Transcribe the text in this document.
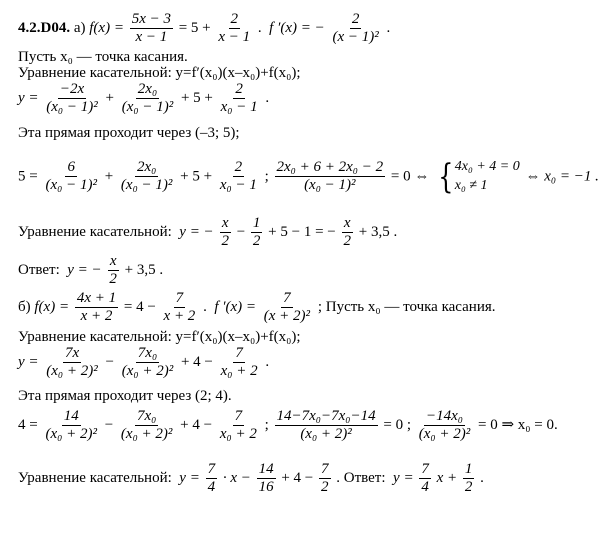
4.2.D04. а) $f(x) = \frac{5x - 3}{x - 1} = 5 + \frac{2}{x - 1}$ . f ′(x) = − $\frac{2}{\text{(x − 1)²}}$ .
Пусть x₀ — точка касания.
Уравнение касательной: y=f′(x₀)(x–x₀)+f(x₀);
$y = \frac{-2x}{\text{(x₀ − 1)²}} + \frac{\text{2x₀}}{\text{(x₀ − 1)²}} + 5 + \frac{2}{\text{x₀ − 1}}$ .
Эта прямая проходит через (–3; 5);
$5 = \frac{6}{\text{(x₀ − 1)²}} + \frac{\text{2x₀}}{\text{(x₀ − 1)²}} + 5 + \frac{2}{\text{x₀ − 1}}$ ; $\frac{\text{2x₀ + 6 + 2x₀ − 2}}{\text{(x₀ − 1)²}} = 0$ ⇔ { 4x₀ + 4 = 0
x₀ ≠ 1
⇔ x₀ = −1 .
Уравнение касательной: y = − $\frac{x}{2} - \frac{1}{2} + 5 - 1$ = − $\frac{x}{2} + 3,5$ .
Ответ: y = − $\frac{x}{2} + 3,5$ .
б) $f(x) = \frac{4x + 1}{x + 2} = 4 - \frac{7}{x + 2}$ . f $'(x) = \frac{7}{\text{(x + 2)²}}$ ; Пусть x₀ — точка касания.
Уравнение касательной: y=f′(x₀)(x–x₀)+f(x₀);
$y = \frac{7x}{\text{(x₀ + 2)²}} - \frac{\text{7x₀}}{\text{(x₀ + 2)²}} + 4 - \frac{7}{\text{x₀ + 2}}$ .
Эта прямая проходит через (2; 4).
$4 = \frac{14}{\text{(x₀ + 2)²}} - \frac{\text{7x₀}}{\text{(x₀ + 2)²}} + 4 - \frac{7}{\text{x₀ + 2}}$ ; $\frac{\text{14−7x₀−7x₀−14}}{\text{(x₀ + 2)²}} = 0$ ; $\frac{\text{−14x₀}}{\text{(x₀ + 2)²}} = 0$ ⇒ x₀ = 0.
Уравнение касательной: $y = \frac{7}{4} \cdot x - \frac{14}{16} + 4 - \frac{7}{2}$ . Ответ: $y = \frac{7}{4}$ $x + \frac{1}{2}$ .
